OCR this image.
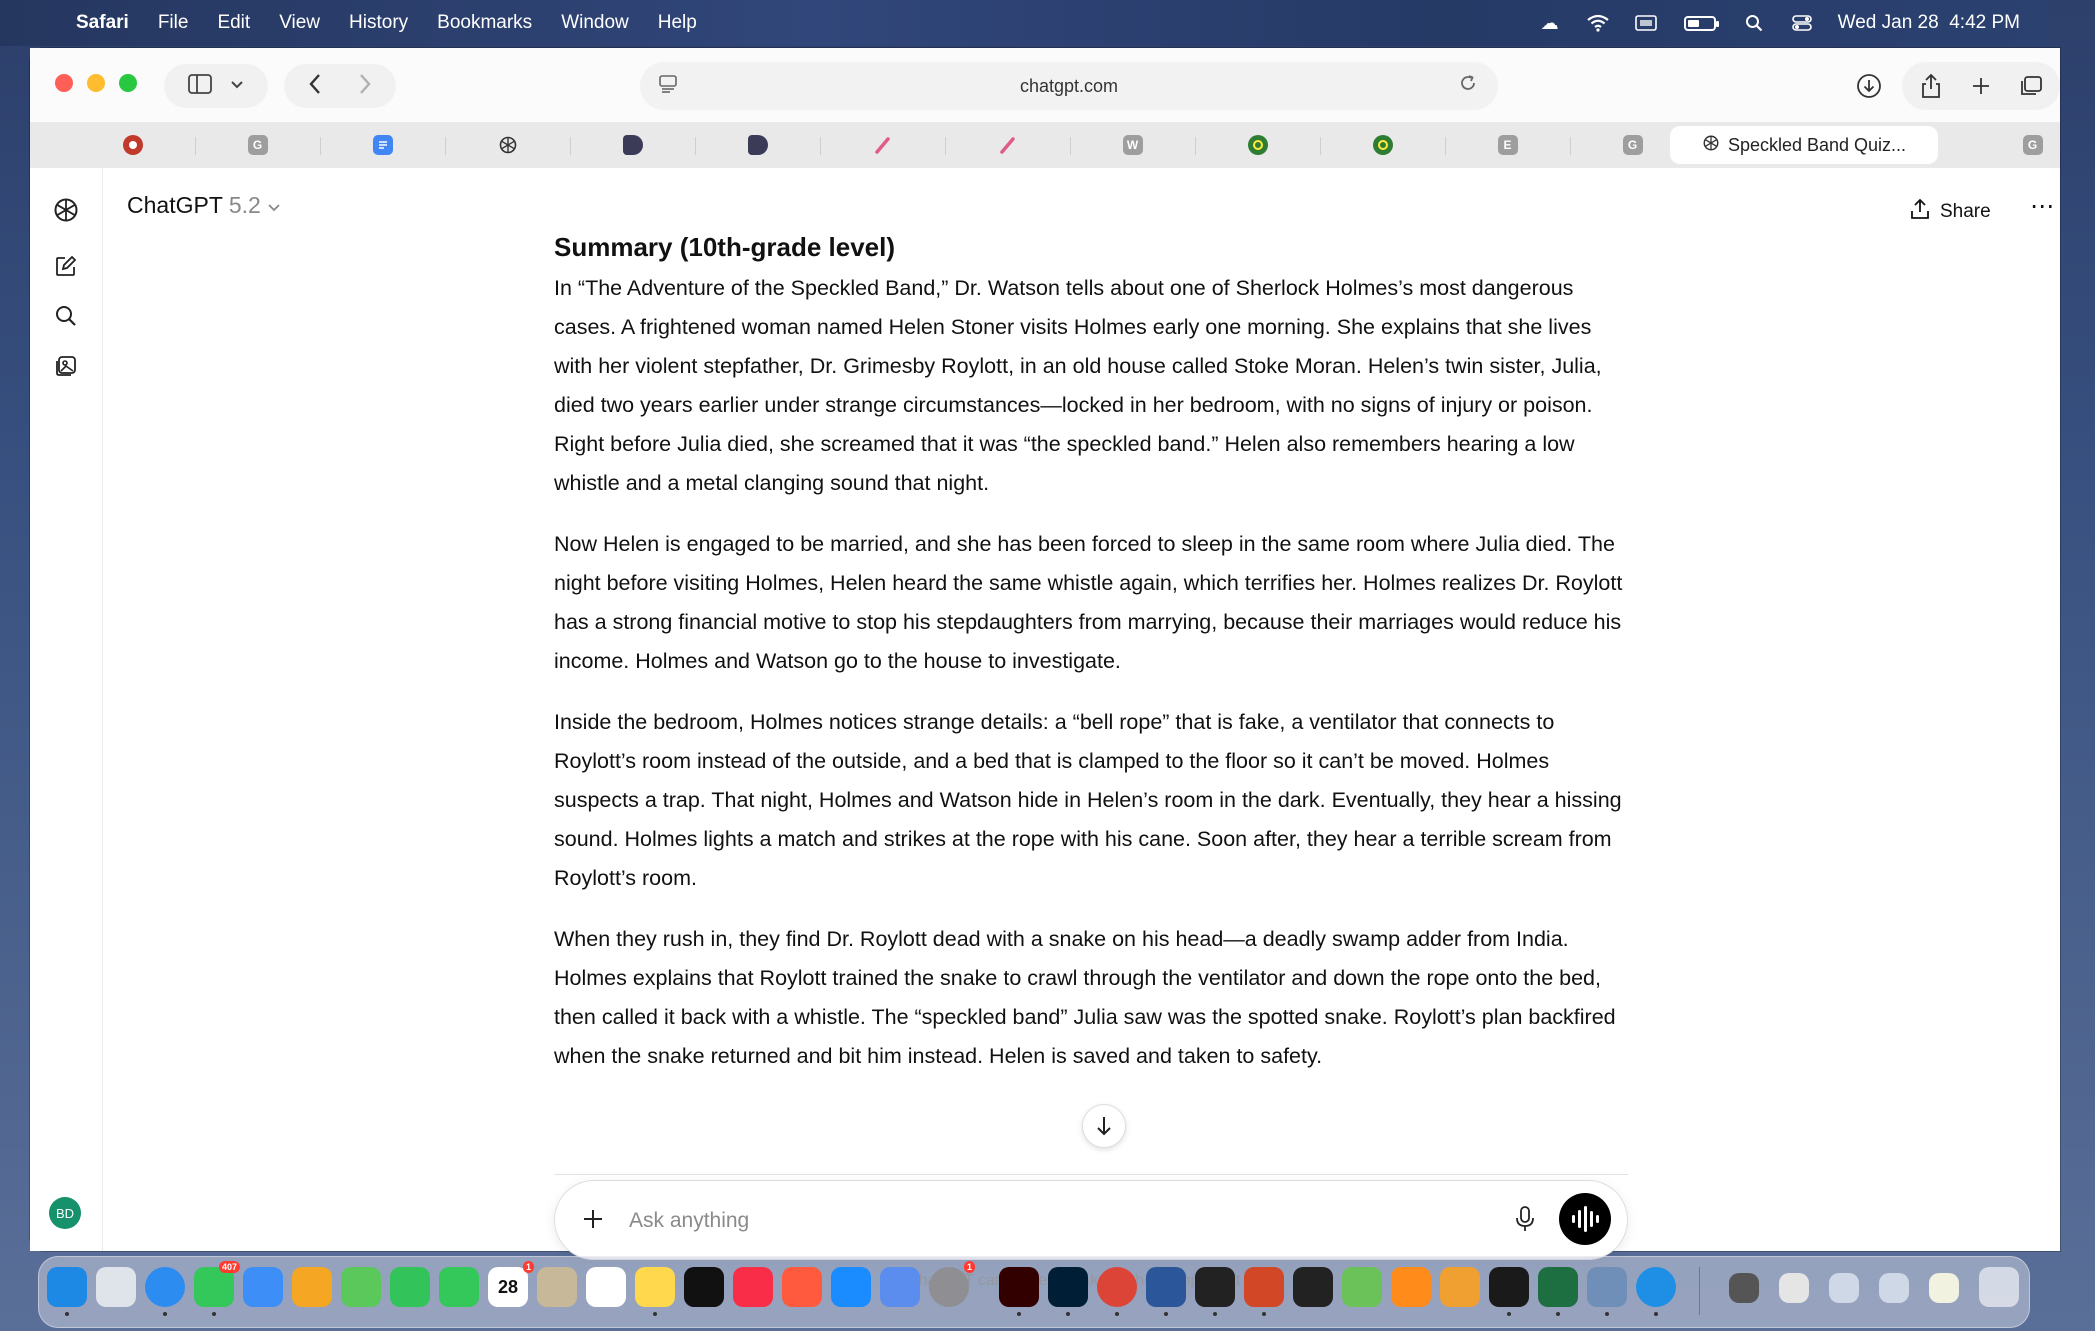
Safari File Edit View History Bookmarks Window Help	☁	Wed Jan 28  4:42 PM
chatgpt.com
G	W	E	G	Speckled Band Quiz...	G
BD
ChatGPT 5.2	Share ⋯
Summary (10th-grade level)

In “The Adventure of the Speckled Band,” Dr. Watson tells about one of Sherlock Holmes’s most dangerous cases. A frightened woman named Helen Stoner visits Holmes early one morning. She explains that she lives with her violent stepfather, Dr. Grimesby Roylott, in an old house called Stoke Moran. Helen’s twin sister, Julia, died two years earlier under strange circumstances—locked in her bedroom, with no signs of injury or poison. Right before Julia died, she screamed that it was “the speckled band.” Helen also remembers hearing a low whistle and a metal clanging sound that night.

Now Helen is engaged to be married, and she has been forced to sleep in the same room where Julia died. The night before visiting Holmes, Helen heard the same whistle again, which terrifies her. Holmes realizes Dr. Roylott has a strong financial motive to stop his stepdaughters from marrying, because their marriages would reduce his income. Holmes and Watson go to the house to investigate.

Inside the bedroom, Holmes notices strange details: a “bell rope” that is fake, a ventilator that connects to Roylott’s room instead of the outside, and a bed that is clamped to the floor so it can’t be moved. Holmes suspects a trap. That night, Holmes and Watson hide in Helen’s room in the dark. Eventually, they hear a hissing sound. Holmes lights a match and strikes at the rope with his cane. Soon after, they hear a terrible scream from Roylott’s room.

When they rush in, they find Dr. Roylott dead with a snake on his head—a deadly swamp adder from India. Holmes explains that Roylott trained the snake to crawl through the ventilator and down the rope onto the bed, then called it back with a whistle. The “speckled band” Julia saw was the spotted snake. Roylott’s plan backfired when the snake returned and bit him instead. Helen is saved and taken to safety.

Ask anything
407
28
1	1
